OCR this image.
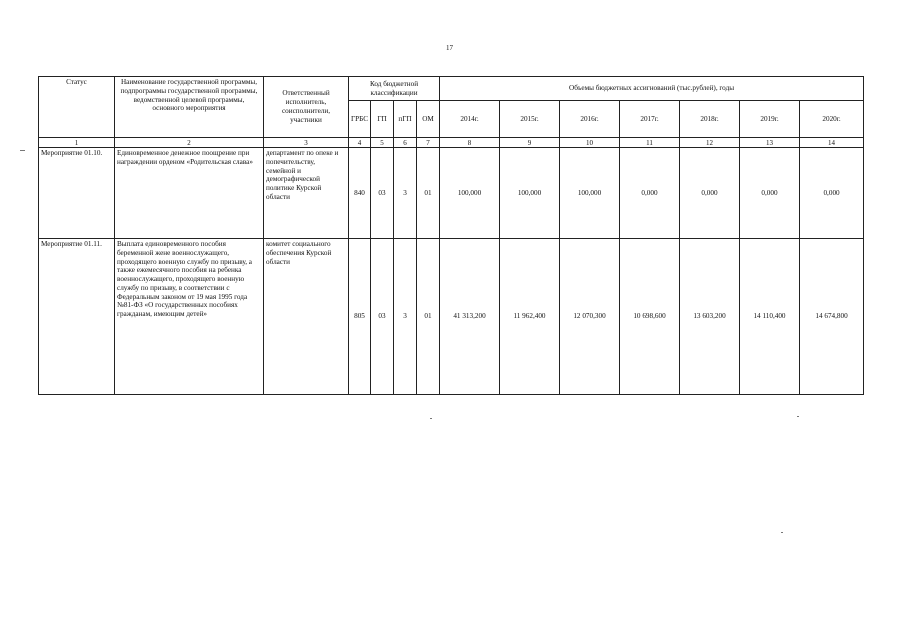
17
Статус	Наименование государственной программы, подпрограммы государственной программы, ведомственной целевой программы, основного мероприятия	Ответственный исполнитель, соисполнители, участники	Код бюджетной классификации				Объемы бюджетных ассигнований (тыс.рублей), годы						
			ГРБС	ГП	пГП	ОМ	2014г.	2015г.	2016г.	2017г.	2018г.	2019г.	2020г.
1	2	3	4	5	6	7	8	9	10	11	12	13	14
Мероприятие 01.10.	Единовременное денежное поощрение при награждении орденом «Родительская слава»	департамент по опеке и попечительству, семейной и демографической политике Курской области	840	03	3	01	100,000	100,000	100,000	0,000	0,000	0,000	0,000
Мероприятие 01.11.	Выплата единовременного пособия беременной жене военнослужащего, проходящего военную службу по призыву, а также ежемесячного пособия на ребенка военнослужащего, проходящего военную службу по призыву, в соответствии с Федеральным законом от 19 мая 1995 года №81-ФЗ «О государственных пособиях гражданам, имеющим детей»	комитет социального обеспечения Курской области	805	03	3	01	41 313,200	11 962,400	12 070,300	10 698,600	13 603,200	14 110,400	14 674,800
